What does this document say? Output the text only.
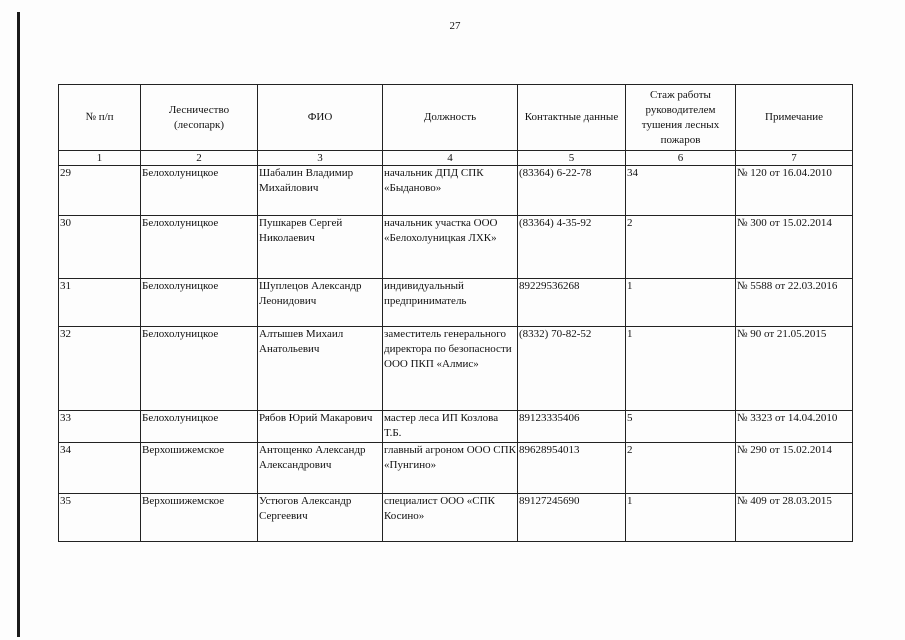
27
№ п/п	Лесничество (лесопарк)	ФИО	Должность	Контактные данные	Стаж работы руководителем тушения лесных пожаров	Примечание
1	2	3	4	5	6	7
29	Белохолуницкое	Шабалин Владимир Михайлович	начальник ДПД СПК «Быданово»	(83364) 6-22-78	34	№ 120 от 16.04.2010
30	Белохолуницкое	Пушкарев Сергей Николаевич	начальник участка ООО «Белохолуницкая ЛХК»	(83364) 4-35-92	2	№ 300 от 15.02.2014
31	Белохолуницкое	Шуплецов Александр Леонидович	индивидуальный предприниматель	89229536268	1	№ 5588 от 22.03.2016
32	Белохолуницкое	Алтышев Михаил Анатольевич	заместитель генерального директора по безопасности ООО ПКП «Алмис»	(8332) 70-82-52	1	№ 90 от 21.05.2015
33	Белохолуницкое	Рябов Юрий Макарович	мастер леса ИП Козлова Т.Б.	89123335406	5	№ 3323 от 14.04.2010
34	Верхошижемское	Антощенко Александр Александрович	главный агроном ООО СПК «Пунгино»	89628954013	2	№ 290 от 15.02.2014
35	Верхошижемское	Устюгов Александр Сергеевич	специалист ООО «СПК Косино»	89127245690	1	№ 409 от 28.03.2015
